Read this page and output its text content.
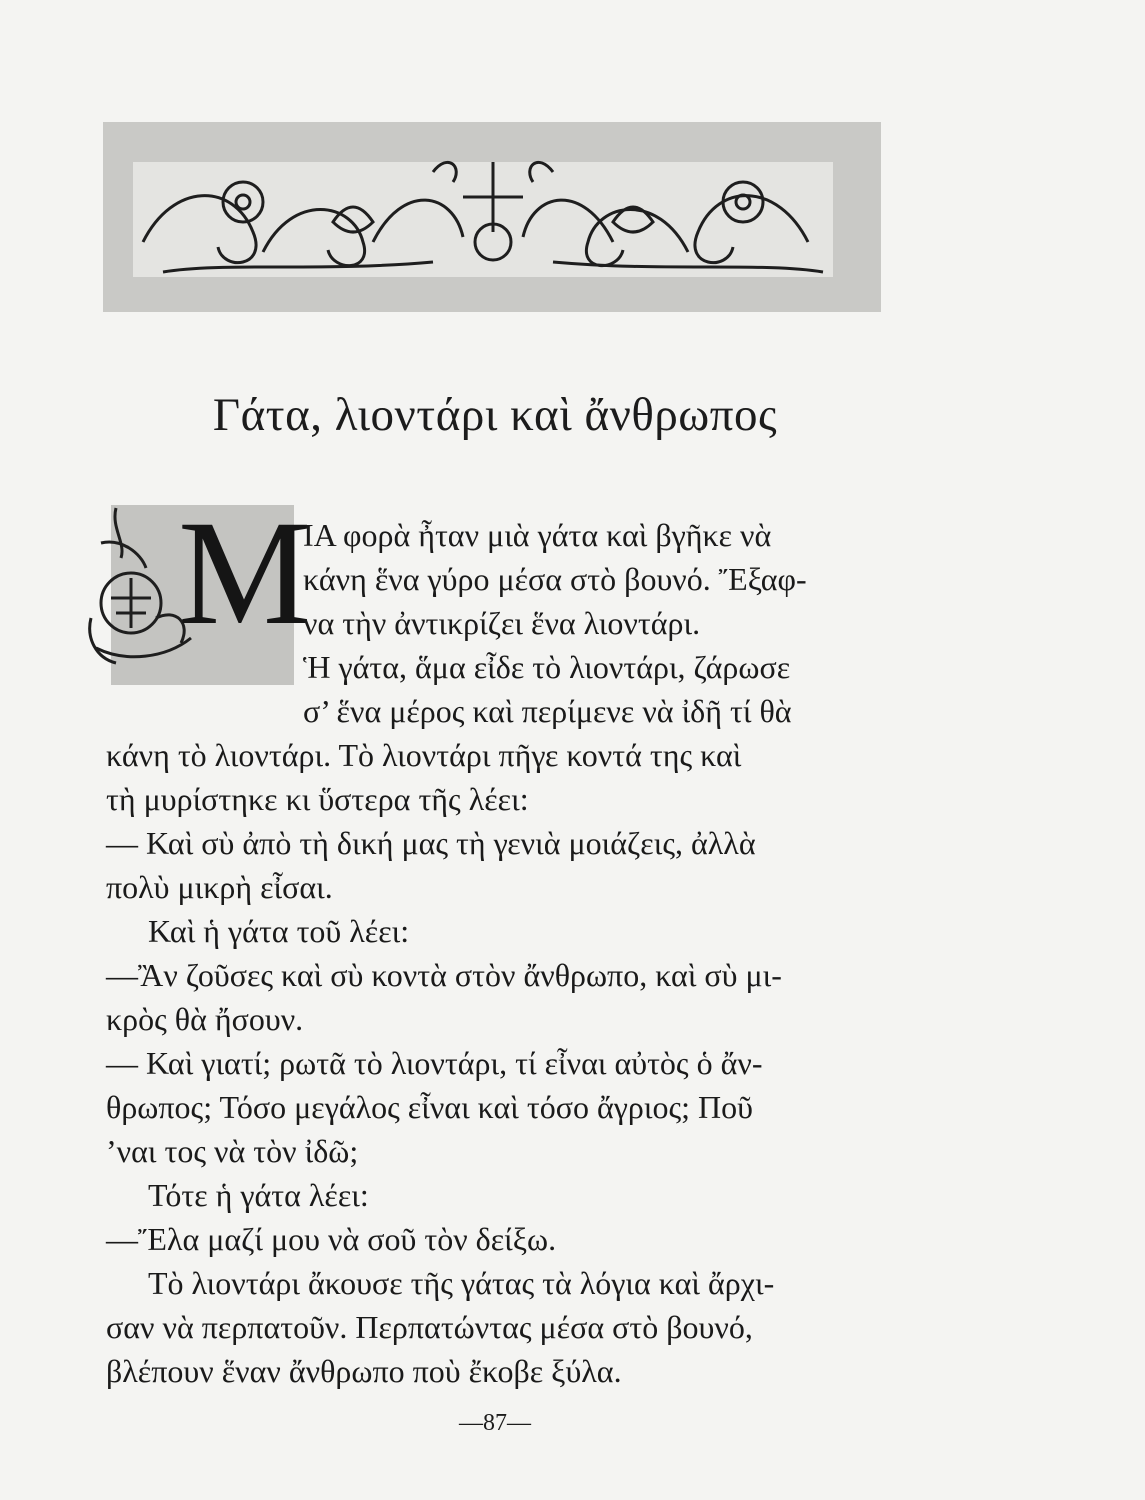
Γάτα, λιοντάρι καὶ ἄνθρωπος
Μ
ΙΑ φορὰ ἦταν μιὰ γάτα καὶ βγῆκε νὰ
κάνη ἕνα γύρο μέσα στὸ βουνό. Ἔξαφ-
να τὴν ἀντικρίζει ἕνα λιοντάρι.
Ἡ γάτα, ἅμα εἶδε τὸ λιοντάρι, ζάρωσε
σ’ ἕνα μέρος καὶ περίμενε νὰ ἰδῆ τί θὰ
κάνη τὸ λιοντάρι. Τὸ λιοντάρι πῆγε κοντά της καὶ
τὴ μυρίστηκε κι ὕστερα τῆς λέει:
— Καὶ σὺ ἀπὸ τὴ δική μας τὴ γενιὰ μοιάζεις, ἀλλὰ
πολὺ μικρὴ εἶσαι.
Καὶ ἡ γάτα τοῦ λέει:
—Ἂν ζοῦσες καὶ σὺ κοντὰ στὸν ἄνθρωπο, καὶ σὺ μι-
κρὸς θὰ ἤσουν.
— Καὶ γιατί; ρωτᾶ τὸ λιοντάρι, τί εἶναι αὐτὸς ὁ ἄν-
θρωπος; Τόσο μεγάλος εἶναι καὶ τόσο ἄγριος; Ποῦ
’ναι τος νὰ τὸν ἰδῶ;
Τότε ἡ γάτα λέει:
—Ἔλα μαζί μου νὰ σοῦ τὸν δείξω.
Τὸ λιοντάρι ἄκουσε τῆς γάτας τὰ λόγια καὶ ἄρχι-
σαν νὰ περπατοῦν. Περπατώντας μέσα στὸ βουνό,
βλέπουν ἕναν ἄνθρωπο ποὺ ἔκοβε ξύλα.
—87—
